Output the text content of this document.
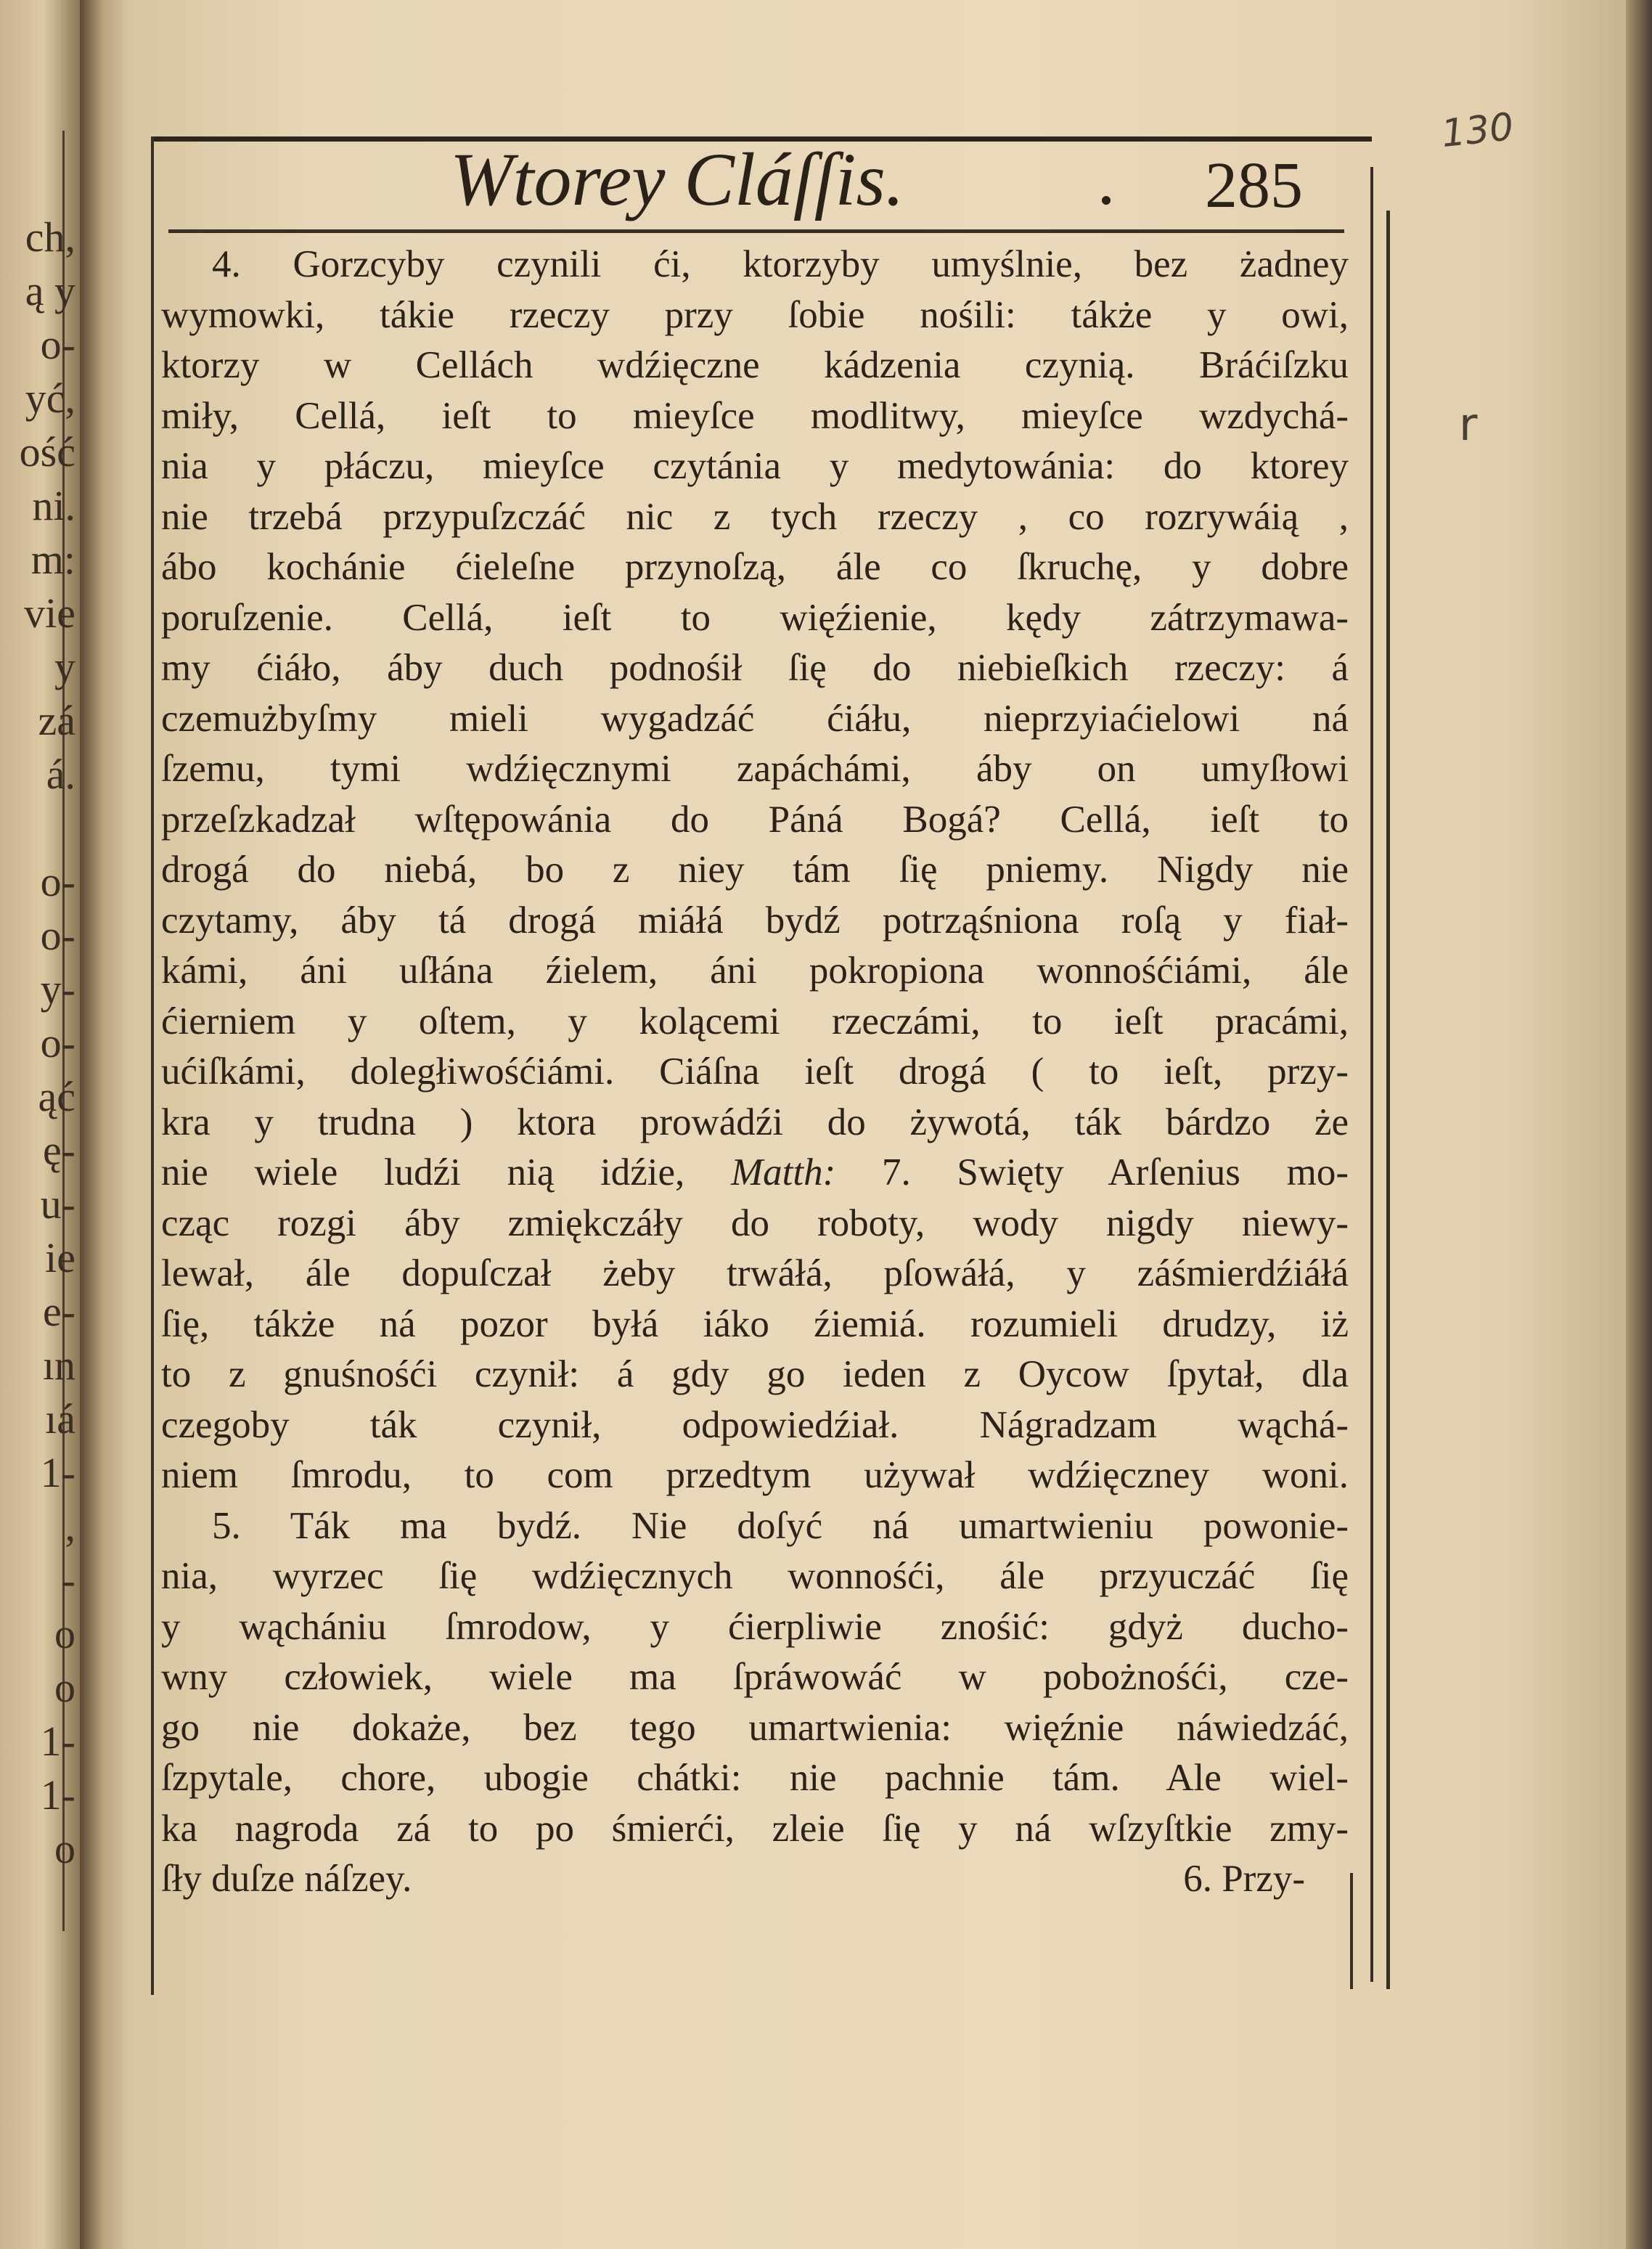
ch,
ą y
o-
yć,
ość
ni.
m:
vie
y
zá
á.
o-
o-
y-
o-
ąć
ę-
u-
ie
e-
ın
ıá
1-
,
-
o
o
1-
1-
o
Wtorey Cláſſis.	285
130
r
4. Gorzcyby czynili ći, ktorzyby umyślnie, bez żadney
wymowki, tákie rzeczy przy ſobie nośili: tákże y owi,
ktorzy w Cellách wdźięczne kádzenia czynią. Bráćiſzku
miły, Cellá, ieſt to mieyſce modlitwy, mieyſce wzdychá-
nia y płáczu, mieyſce czytánia y medytowánia: do ktorey
nie trzebá przypuſzczáć nic z tych rzeczy , co rozrywáią ,
ábo kochánie ćieleſne przynoſzą, ále co ſkruchę, y dobre
poruſzenie. Cellá, ieſt to więźienie, kędy zátrzymawa-
my ćiáło, áby duch podnośił ſię do niebieſkich rzeczy: á
czemużbyſmy mieli wygadzáć ćiáłu, nieprzyiaćielowi ná
ſzemu, tymi wdźięcznymi zapáchámi, áby on umyſłowi
przeſzkadzał wſtępowánia do Páná Bogá? Cellá, ieſt to
drogá do niebá, bo z niey tám ſię pniemy. Nigdy nie
czytamy, áby tá drogá miáłá bydź potrząśniona roſą y fiał-
kámi, áni uſłána źielem, áni pokropiona wonnośćiámi, ále
ćierniem y oſtem, y kolącemi rzeczámi, to ieſt pracámi,
ućiſkámi, doległiwośćiámi. Ciáſna ieſt drogá ( to ieſt, przy-
kra y trudna ) ktora prowádźi do żywotá, ták bárdzo że
nie wiele ludźi nią idźie, Matth: 7. Swięty Arſenius mo-
cząc rozgi áby zmiękczáły do roboty, wody nigdy niewy-
lewał, ále dopuſczał żeby trwáłá, pſowáłá, y záśmierdźiáłá
ſię, tákże ná pozor byłá iáko źiemiá. rozumieli drudzy, iż
to z gnuśnośći czynił: á gdy go ieden z Oycow ſpytał, dla
czegoby ták czynił, odpowiedźiał. Nágradzam wąchá-
niem ſmrodu, to com przedtym używał wdźięczney woni.
5. Ták ma bydź. Nie doſyć ná umartwieniu powonie-
nia, wyrzec ſię wdźięcznych wonnośći, ále przyuczáć ſię
y wąchániu ſmrodow, y ćierpliwie znośić: gdyż ducho-
wny człowiek, wiele ma ſpráwowáć w pobożnośći, cze-
go nie dokaże, bez tego umartwienia: więźnie náwiedzáć,
ſzpytale, chore, ubogie chátki: nie pachnie tám. Ale wiel-
ka nagroda zá to po śmierći, zleie ſię y ná wſzyſtkie zmy-
ſły duſze náſzey.	6. Przy-
